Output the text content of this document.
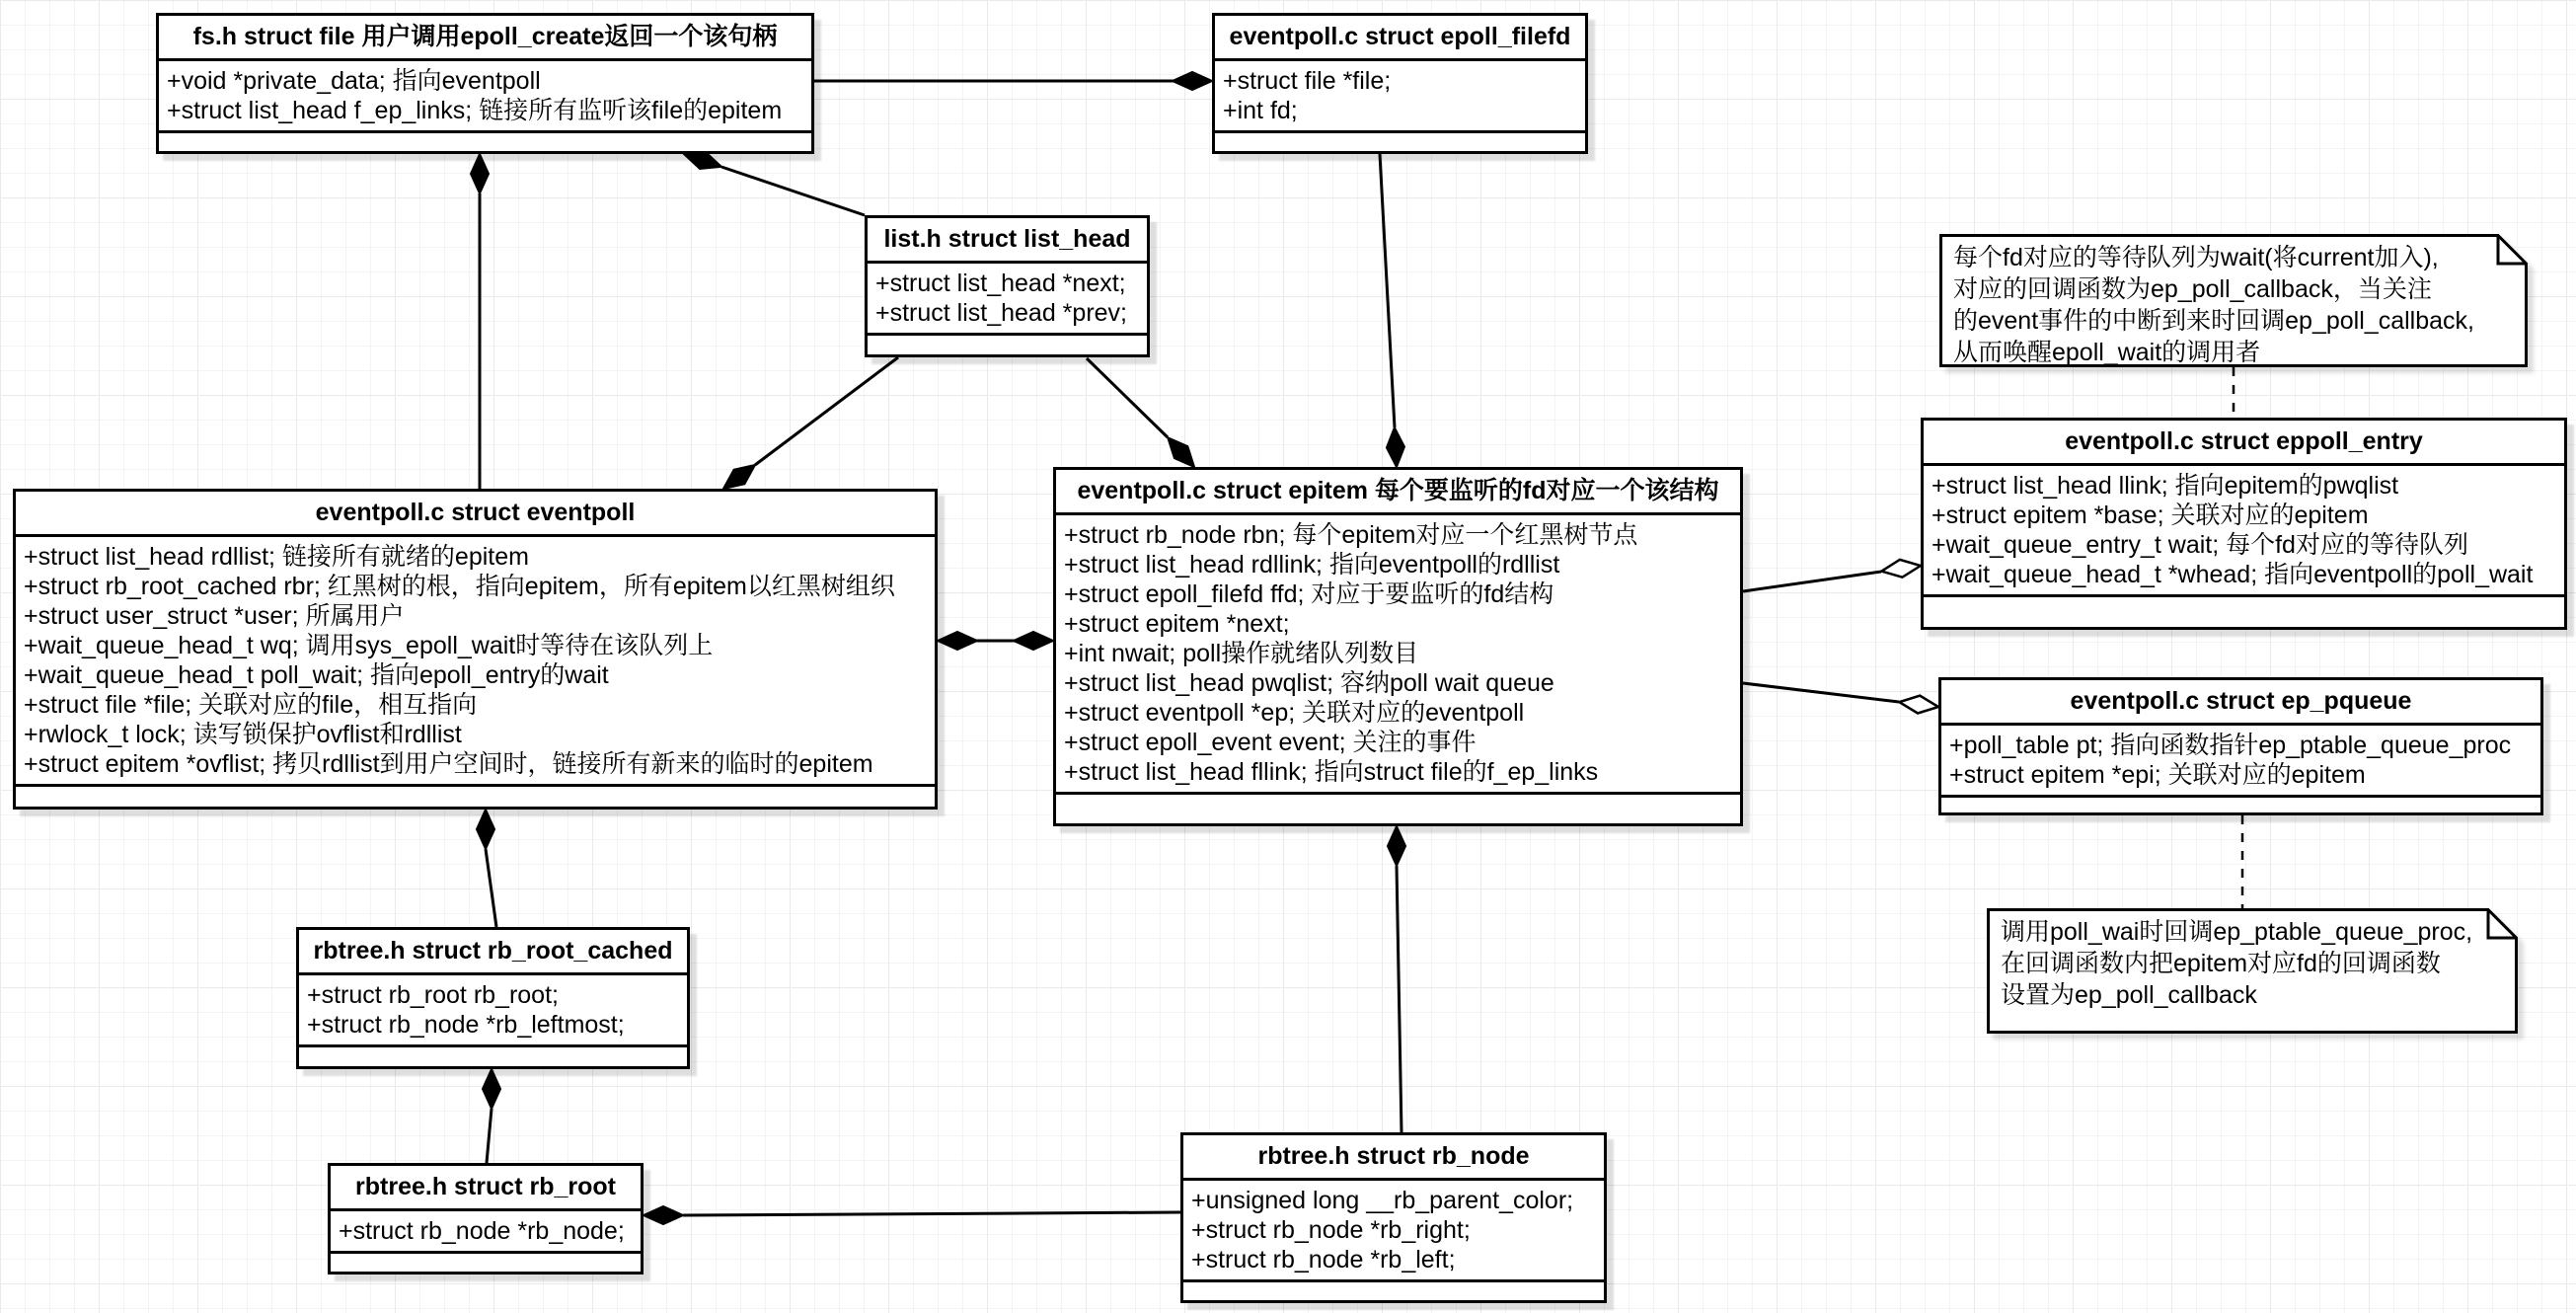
fs.h struct file 用户调用epoll_create返回一个该句柄
+void *private_data; 指向eventpoll
+struct list_head f_ep_links; 链接所有监听该file的epitem
eventpoll.c struct epoll_filefd
+struct file *file;
+int fd;
list.h struct list_head
+struct list_head *next;
+struct list_head *prev;
eventpoll.c struct eventpoll
+struct list_head rdllist; 链接所有就绪的epitem
+struct rb_root_cached rbr; 红黑树的根，指向epitem，所有epitem以红黑树组织
+struct user_struct *user; 所属用户
+wait_queue_head_t wq; 调用sys_epoll_wait时等待在该队列上
+wait_queue_head_t poll_wait; 指向epoll_entry的wait
+struct file *file; 关联对应的file，相互指向
+rwlock_t lock; 读写锁保护ovflist和rdllist
+struct epitem *ovflist; 拷贝rdllist到用户空间时，链接所有新来的临时的epitem
eventpoll.c struct epitem 每个要监听的fd对应一个该结构
+struct rb_node rbn; 每个epitem对应一个红黑树节点
+struct list_head rdllink; 指向eventpoll的rdllist
+struct epoll_filefd ffd; 对应于要监听的fd结构
+struct epitem *next;
+int nwait; poll操作就绪队列数目
+struct list_head pwqlist; 容纳poll wait queue
+struct eventpoll *ep; 关联对应的eventpoll
+struct epoll_event event; 关注的事件
+struct list_head fllink; 指向struct file的f_ep_links
eventpoll.c struct eppoll_entry
+struct list_head llink; 指向epitem的pwqlist
+struct epitem *base; 关联对应的epitem
+wait_queue_entry_t wait; 每个fd对应的等待队列
+wait_queue_head_t *whead; 指向eventpoll的poll_wait
eventpoll.c struct ep_pqueue
+poll_table pt; 指向函数指针ep_ptable_queue_proc
+struct epitem *epi; 关联对应的epitem
rbtree.h struct rb_root_cached
+struct rb_root rb_root;
+struct rb_node *rb_leftmost;
rbtree.h struct rb_root
+struct rb_node *rb_node;
rbtree.h struct rb_node
+unsigned long __rb_parent_color;
+struct rb_node *rb_right;
+struct rb_node *rb_left;
每个fd对应的等待队列为wait(将current加入),
对应的回调函数为ep_poll_callback，当关注
的event事件的中断到来时回调ep_poll_callback,
从而唤醒epoll_wait的调用者
调用poll_wai时回调ep_ptable_queue_proc,
在回调函数内把epitem对应fd的回调函数
设置为ep_poll_callback
